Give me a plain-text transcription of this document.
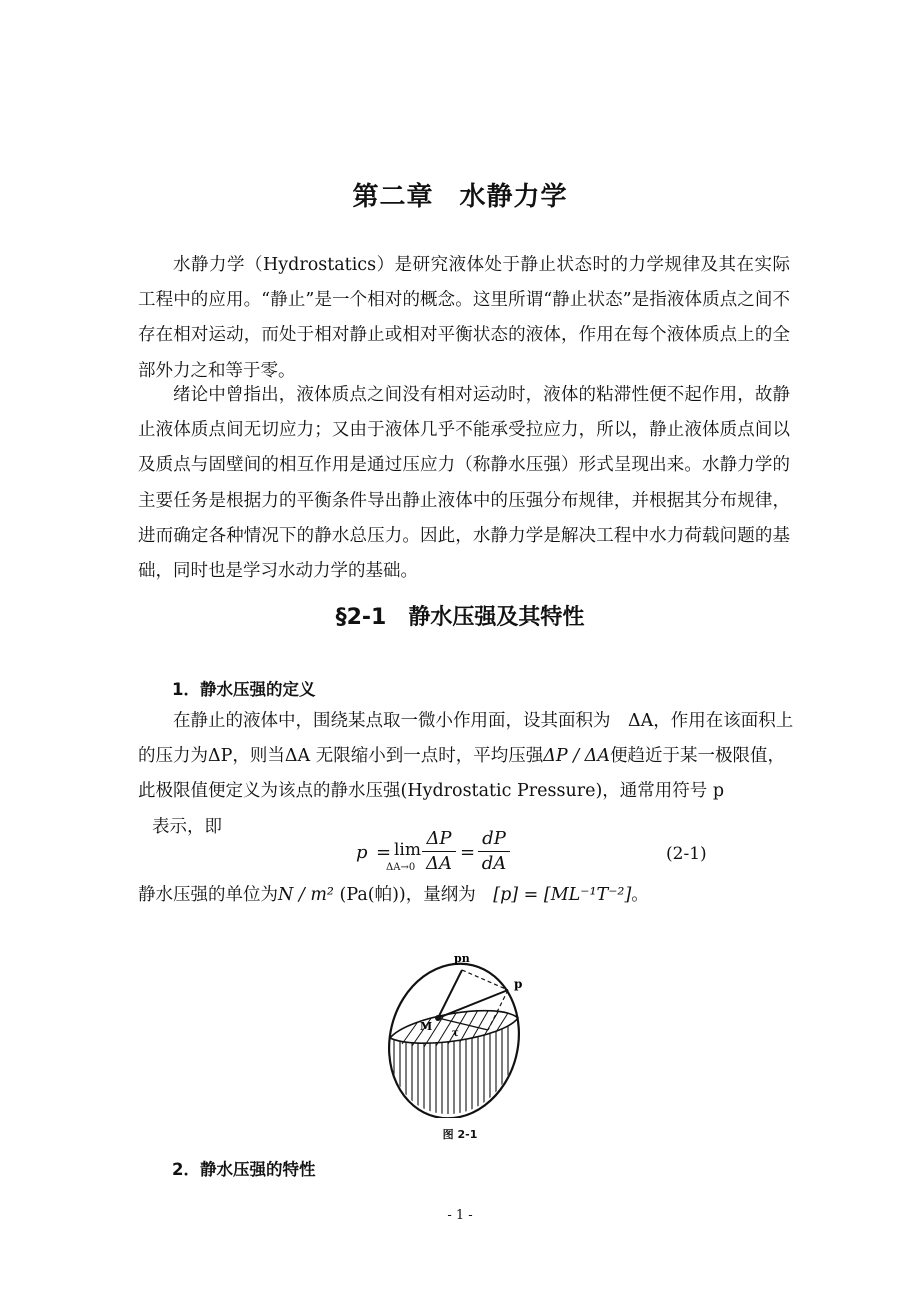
第二章 水静力学

水静力学（Hydrostatics）是研究液体处于静止状态时的力学规律及其在实际工程中的应用。“静止”是一个相对的概念。这里所谓“静止状态”是指液体质点之间不存在相对运动，而处于相对静止或相对平衡状态的液体，作用在每个液体质点上的全部外力之和等于零。

绪论中曾指出，液体质点之间没有相对运动时，液体的粘滞性便不起作用，故静止液体质点间无切应力；又由于液体几乎不能承受拉应力，所以，静止液体质点间以及质点与固壁间的相互作用是通过压应力（称静水压强）形式呈现出来。水静力学的主要任务是根据力的平衡条件导出静止液体中的压强分布规律，并根据其分布规律，进而确定各种情况下的静水总压力。因此，水静力学是解决工程中水力荷载问题的基础，同时也是学习水动力学的基础。

§2-1 静水压强及其特性
1．静水压强的定义

在静止的液体中，围绕某点取一微小作用面，设其面积为　ΔA，作用在该面积上的压力为ΔP，则当ΔA 无限缩小到一点时，平均压强ΔP / ΔA便趋近于某一极限值，此极限值便定义为该点的静水压强(Hydrostatic Pressure)，通常用符号 p
表示，即

p = lim
ΔA→0
ΔP
ΔA
=
dP
dA	(2-1)
静水压强的单位为N / m² (Pa(帕))，量纲为　[p] = [ML⁻¹T⁻²]。
pn
p
M
τ
图 2-1
2．静水压强的特性
- 1 -
